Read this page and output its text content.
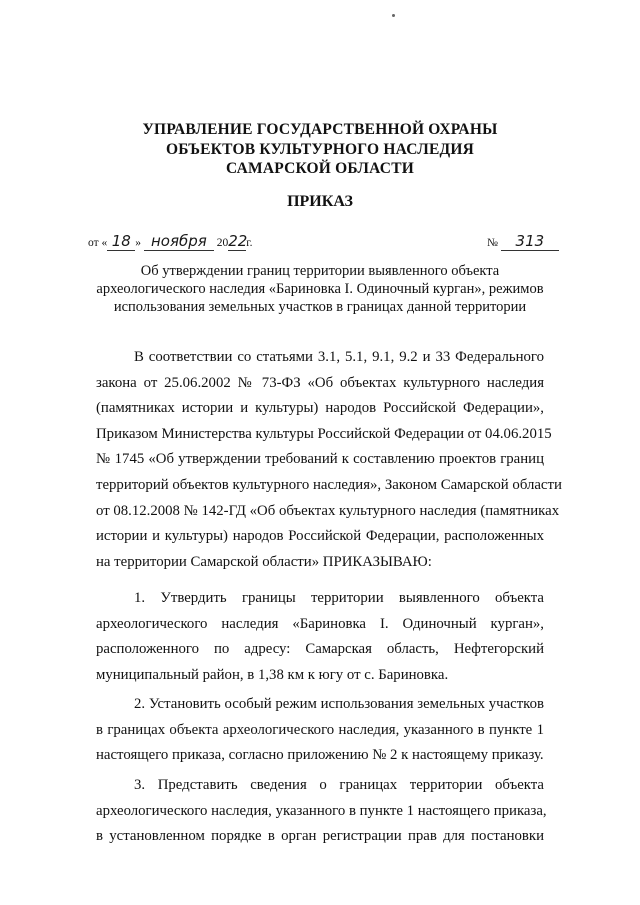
УПРАВЛЕНИЕ ГОСУДАРСТВЕННОЙ ОХРАНЫ
ОБЪЕКТОВ КУЛЬТУРНОГО НАСЛЕДИЯ
САМАРСКОЙ ОБЛАСТИ
ПРИКАЗ
от « 18 » ноября 2022г.	№ 313
Об утверждении границ территории выявленного объекта
археологического наследия «Бариновка I. Одиночный курган», режимов
использования земельных участков в границах данной территории
В соответствии со статьями 3.1, 5.1, 9.1, 9.2 и 33 Федерального
закона от 25.06.2002 № 73-ФЗ «Об объектах культурного наследия
(памятниках истории и культуры) народов Российской Федерации»,
Приказом Министерства культуры Российской Федерации от 04.06.2015
№ 1745 «Об утверждении требований к составлению проектов границ
территорий объектов культурного наследия», Законом Самарской области
от 08.12.2008 № 142-ГД «Об объектах культурного наследия (памятниках
истории и культуры) народов Российской Федерации, расположенных
на территории Самарской области» ПРИКАЗЫВАЮ:
1. Утвердить границы территории выявленного объекта
археологического наследия «Бариновка I. Одиночный курган»,
расположенного по адресу: Самарская область, Нефтегорский
муниципальный район, в 1,38 км к югу от с. Бариновка.
2. Установить особый режим использования земельных участков
в границах объекта археологического наследия, указанного в пункте 1
настоящего приказа, согласно приложению № 2 к настоящему приказу.
3. Представить сведения о границах территории объекта
археологического наследия, указанного в пункте 1 настоящего приказа,
в установленном порядке в орган регистрации прав для постановки
